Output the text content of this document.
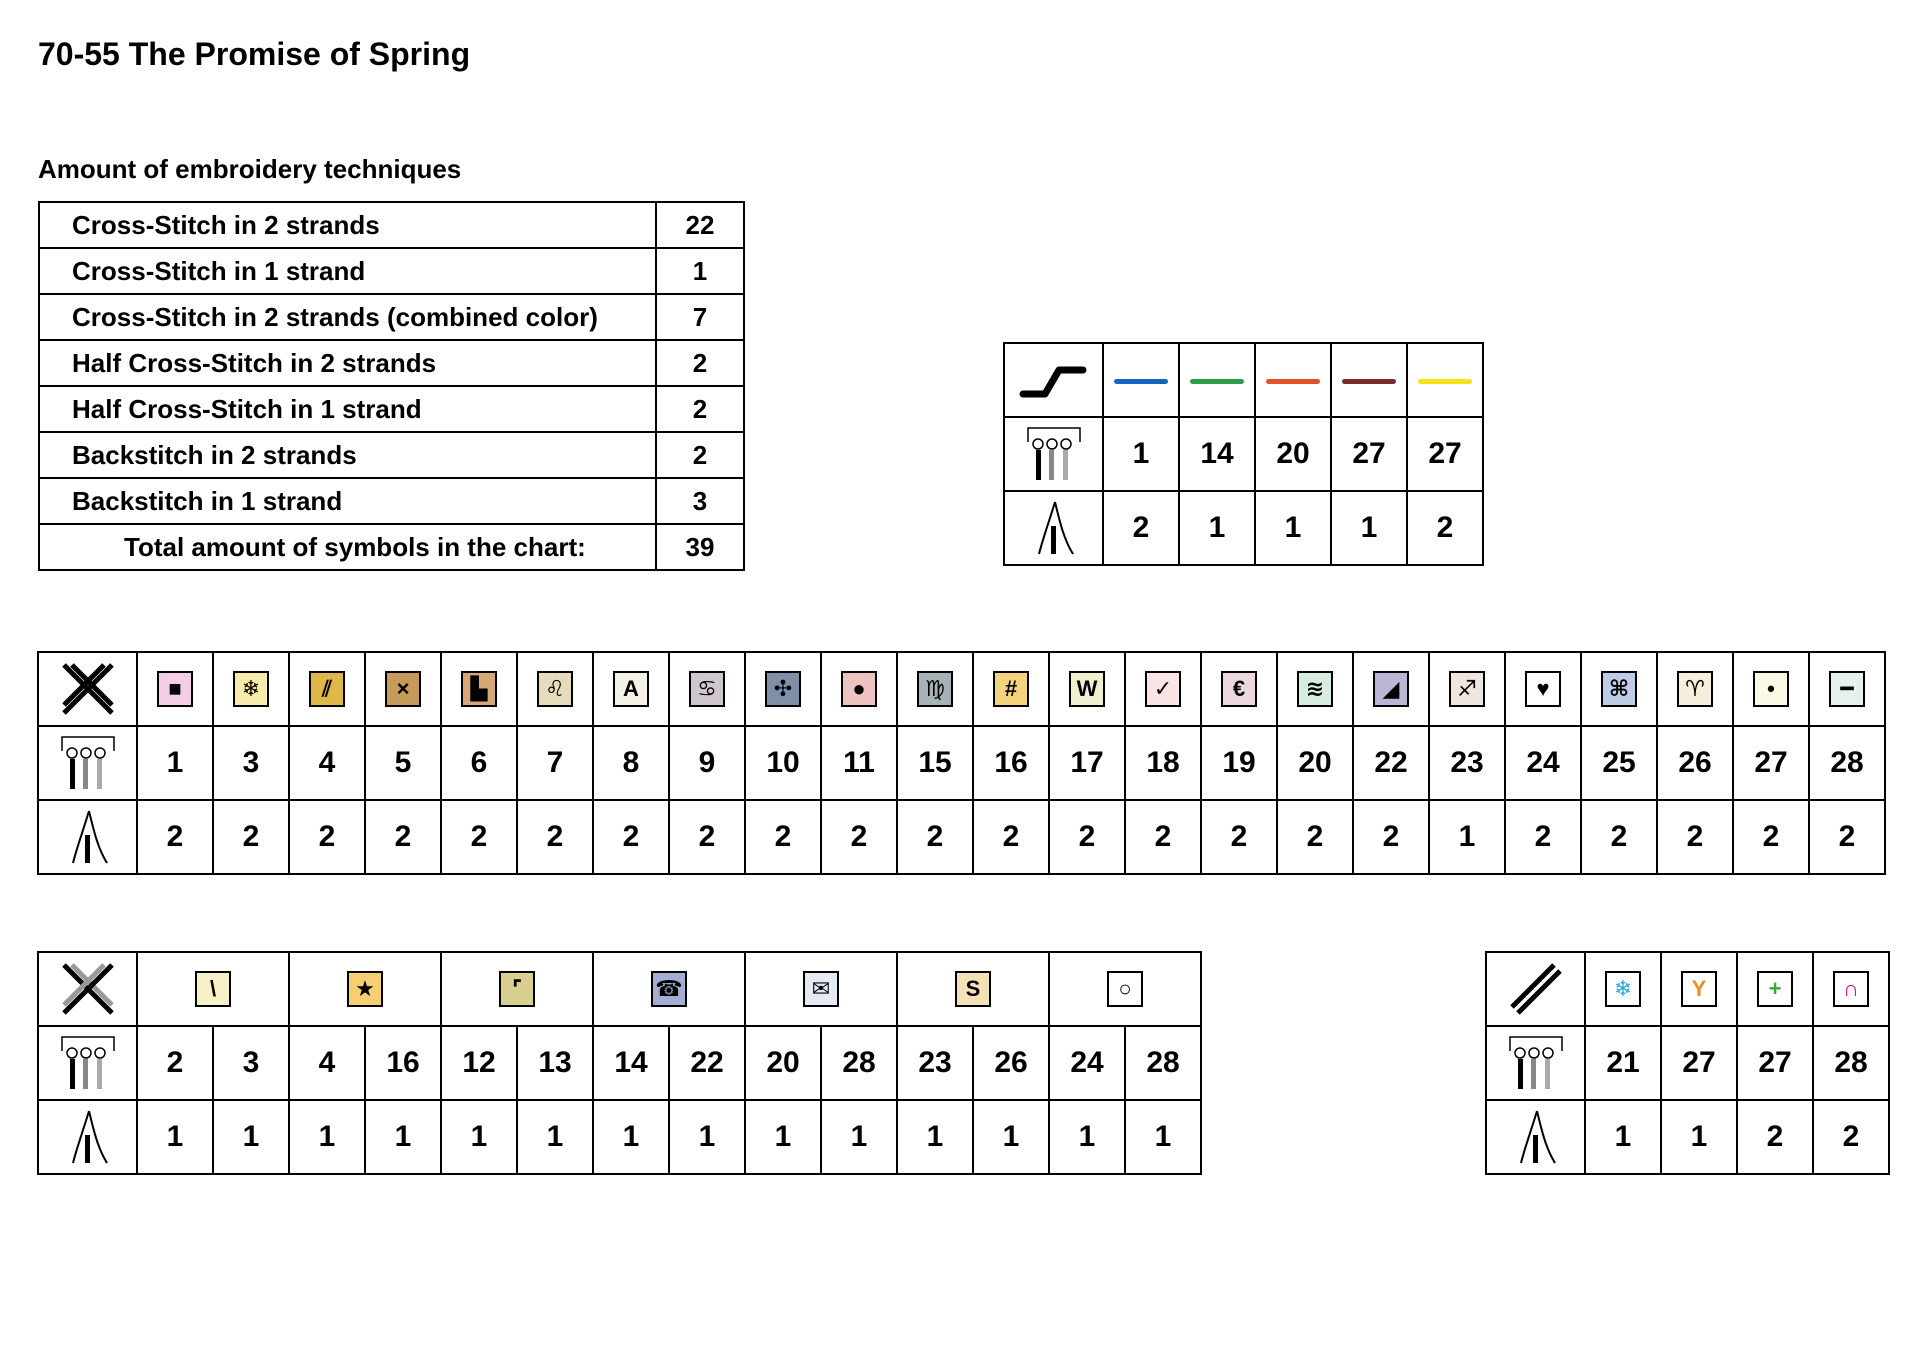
70-55 The Promise of Spring
Amount of embroidery techniques
Cross-Stitch in 2 strands	22
Cross-Stitch in 1 strand	1
Cross-Stitch in 2 strands (combined color)	7
Half Cross-Stitch in 2 strands	2
Half Cross-Stitch in 1 strand	2
Backstitch in 2 strands	2
Backstitch in 1 strand	3
Total amount of symbols in the chart:	39

	1	14	20	27	27

	2	1	1	1	2
	■	❄	⫽	×	▙	♌	A	♋	✣	●	♍	#	W	✓	€	≋	◢	♐	♥	⌘	♈	•	━

	1	3	4	5	6	7	8	9	10	11	15	16	17	18	19	20	22	23	24	25	26	27	28

	2	2	2	2	2	2	2	2	2	2	2	2	2	2	2	2	2	1	2	2	2	2	2
	\		★		⌜		☎		✉		S		○	

	2	3	4	16	12	13	14	22	20	28	23	26	24	28

	1	1	1	1	1	1	1	1	1	1	1	1	1	1
	❄	Y	+	∩

	21	27	27	28

	1	1	2	2
